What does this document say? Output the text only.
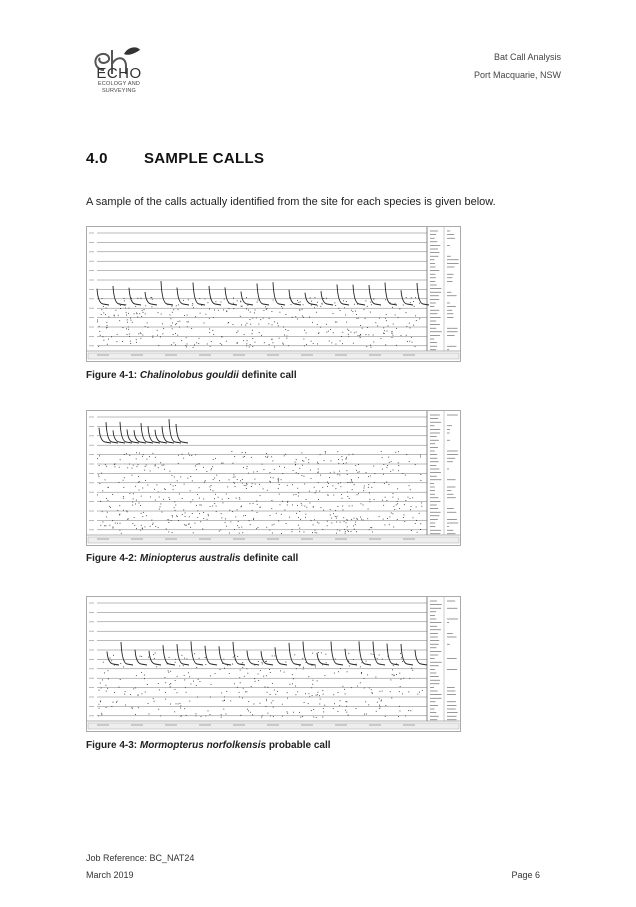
ECHO
ECOLOGY AND
SURVEYING
Bat Call Analysis
Port Macquarie, NSW
4.0 SAMPLE CALLS
A sample of the calls actually identified from the site for each species is given below.
Figure 4-1: Chalinolobus gouldii definite call
Figure 4-2: Miniopterus australis definite call
Figure 4-3: Mormopterus norfolkensis probable call
Job Reference: BC_NAT24
March 2019	Page 6
